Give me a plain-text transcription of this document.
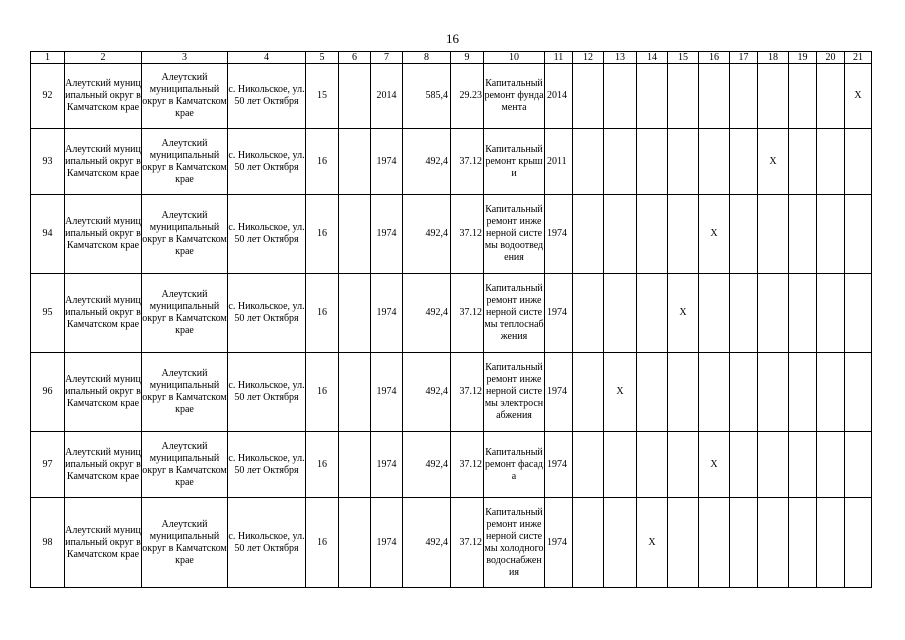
16
1	2	3	4	5	6	7	8	9	10	11	12	13	14	15	16	17	18	19	20	21
92	Алеутский муниципальный округ в Камчатском крае	Алеутский муниципальный округ в Камчатском крае	с. Никольское, ул. 50 лет Октября	15		2014	585,4	29.23	Капитальный ремонт фундамента	2014										X
93	Алеутский муниципальный округ в Камчатском крае	Алеутский муниципальный округ в Камчатском крае	с. Никольское, ул. 50 лет Октября	16		1974	492,4	37.12	Капитальный ремонт крыши	2011							X			
94	Алеутский муниципальный округ в Камчатском крае	Алеутский муниципальный округ в Камчатском крае	с. Никольское, ул. 50 лет Октября	16		1974	492,4	37.12	Капитальный ремонт инженерной системы водоотведения	1974					X					
95	Алеутский муниципальный округ в Камчатском крае	Алеутский муниципальный округ в Камчатском крае	с. Никольское, ул. 50 лет Октября	16		1974	492,4	37.12	Капитальный ремонт инженерной системы теплоснабжения	1974				X						
96	Алеутский муниципальный округ в Камчатском крае	Алеутский муниципальный округ в Камчатском крае	с. Никольское, ул. 50 лет Октября	16		1974	492,4	37.12	Капитальный ремонт инженерной системы электроснабжения	1974		X								
97	Алеутский муниципальный округ в Камчатском крае	Алеутский муниципальный округ в Камчатском крае	с. Никольское, ул. 50 лет Октября	16		1974	492,4	37.12	Капитальный ремонт фасада	1974					X					
98	Алеутский муниципальный округ в Камчатском крае	Алеутский муниципальный округ в Камчатском крае	с. Никольское, ул. 50 лет Октября	16		1974	492,4	37.12	Капитальный ремонт инженерной системы холодного водоснабжения	1974			X							
